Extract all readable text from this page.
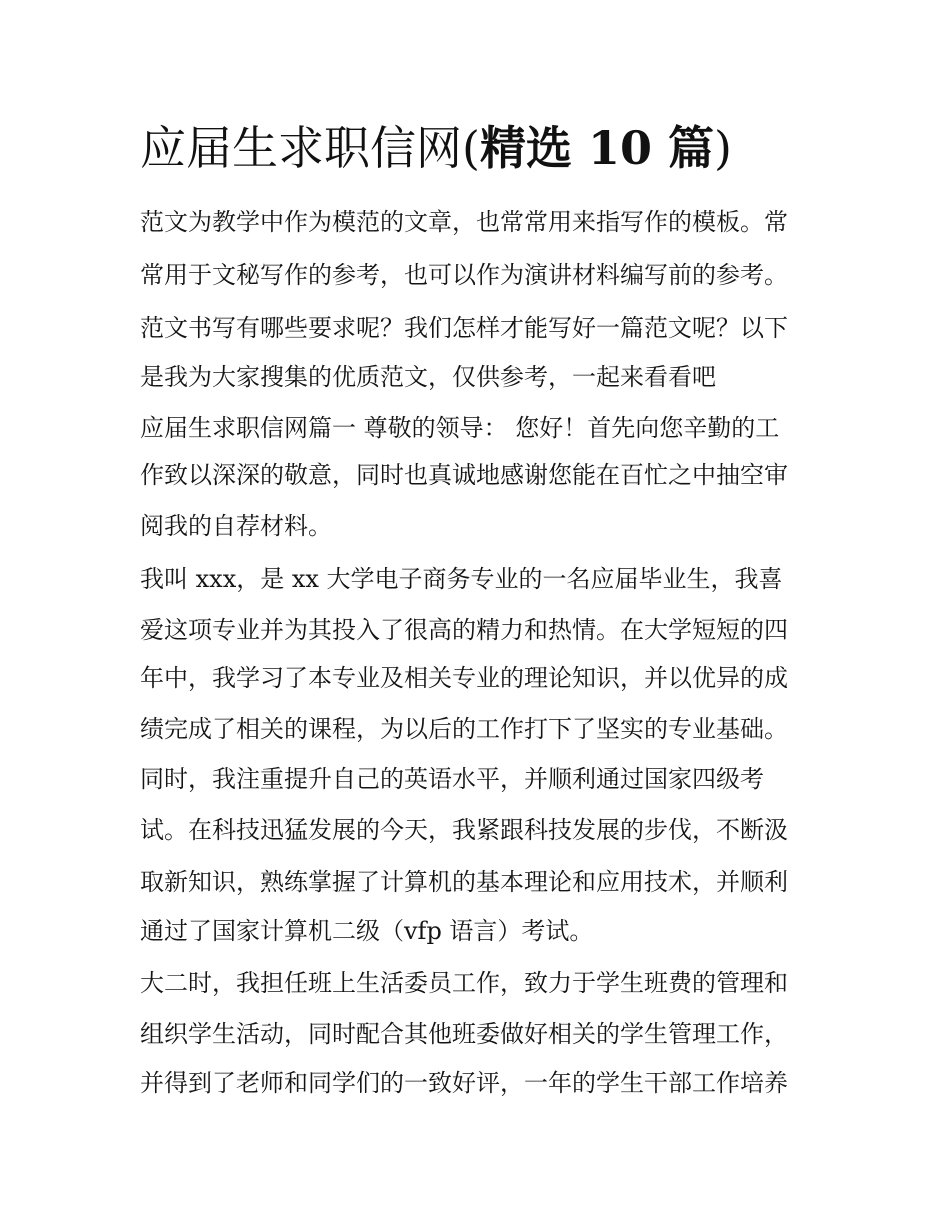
应届生求职信网(精选 10 篇)

范文为教学中作为模范的文章，也常常用来指写作的模板。常

常用于文秘写作的参考，也可以作为演讲材料编写前的参考。

范文书写有哪些要求呢？我们怎样才能写好一篇范文呢？以下

是我为大家搜集的优质范文，仅供参考，一起来看看吧

应届生求职信网篇一 尊敬的领导： 您好！首先向您辛勤的工

作致以深深的敬意，同时也真诚地感谢您能在百忙之中抽空审

阅我的自荐材料。

我叫 xxx，是 xx 大学电子商务专业的一名应届毕业生，我喜

爱这项专业并为其投入了很高的精力和热情。在大学短短的四

年中，我学习了本专业及相关专业的理论知识，并以优异的成

绩完成了相关的课程，为以后的工作打下了坚实的专业基础。

同时，我注重提升自己的英语水平，并顺利通过国家四级考

试。在科技迅猛发展的今天，我紧跟科技发展的步伐，不断汲

取新知识，熟练掌握了计算机的基本理论和应用技术，并顺利

通过了国家计算机二级（vfp 语言）考试。

大二时，我担任班上生活委员工作，致力于学生班费的管理和

组织学生活动，同时配合其他班委做好相关的学生管理工作，

并得到了老师和同学们的一致好评，一年的学生干部工作培养
